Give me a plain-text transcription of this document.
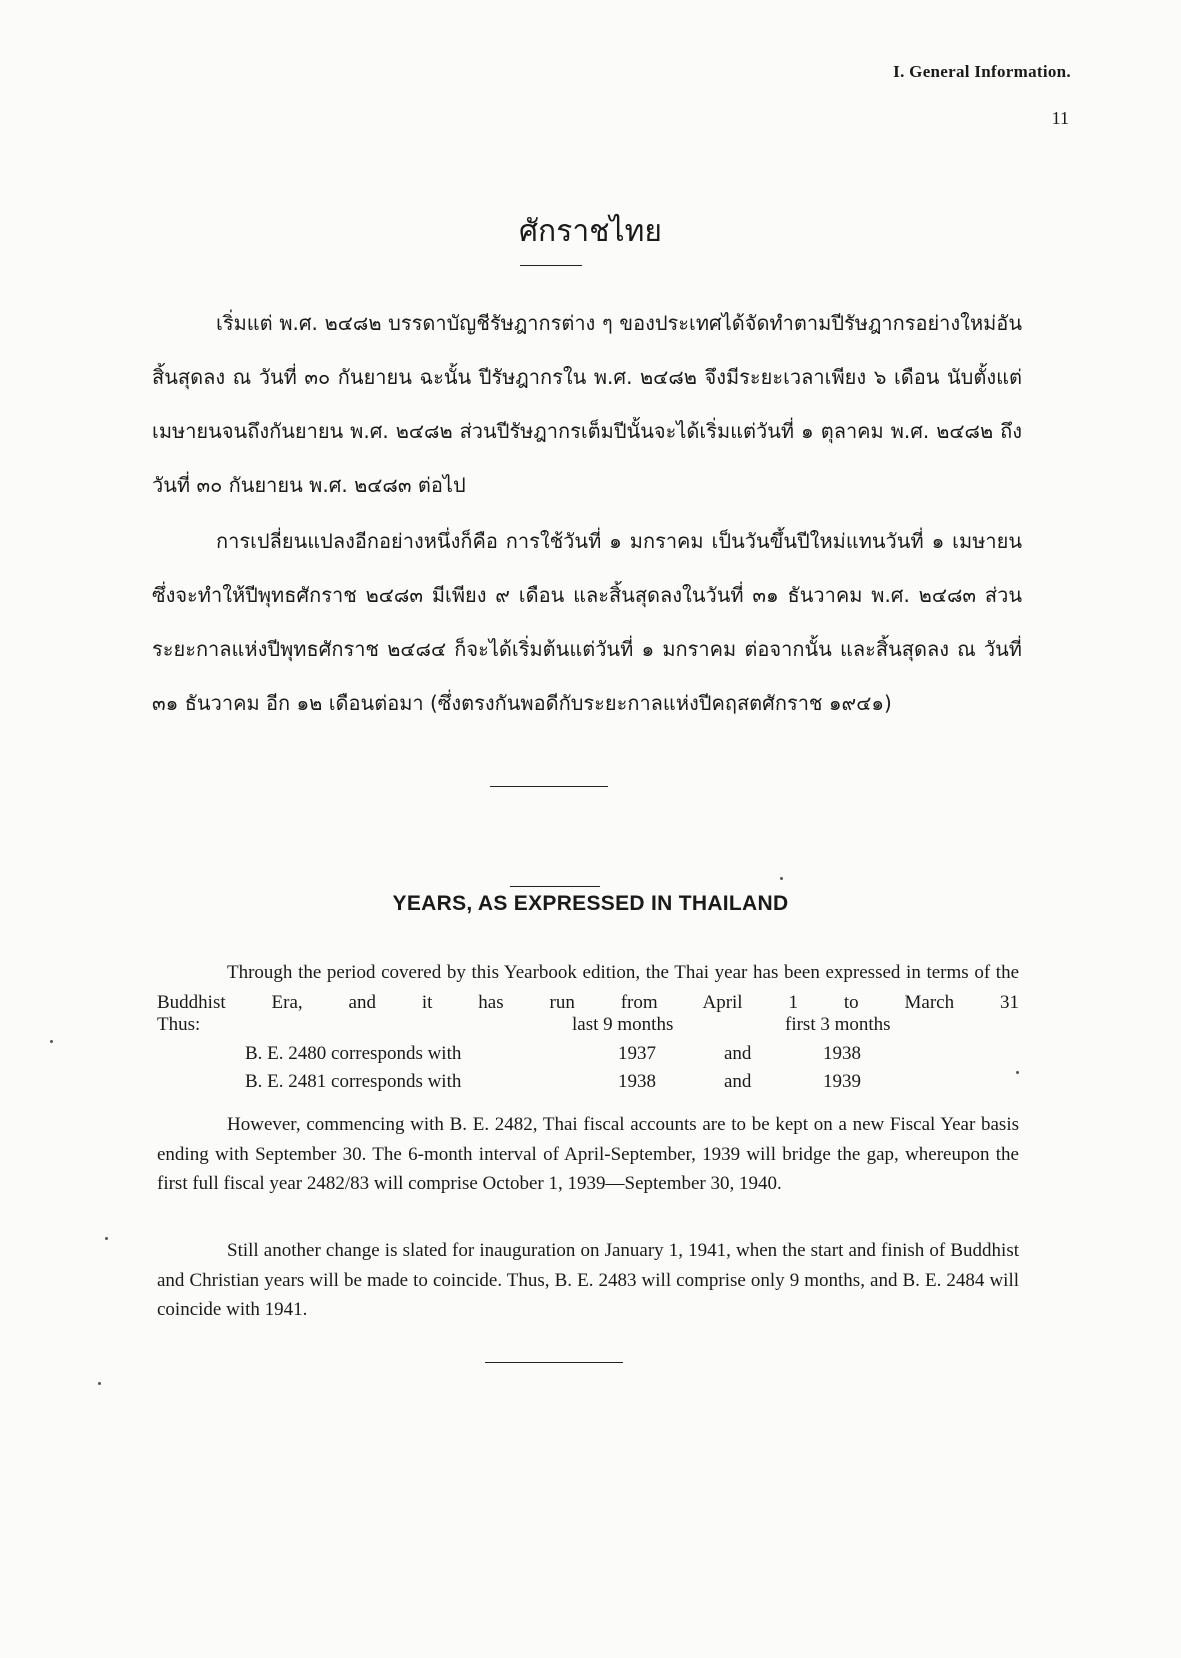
I. General Information.
11
ศักราชไทย

เริ่มแต่ พ.ศ. ๒๔๘๒ บรรดาบัญชีรัษฎากรต่าง ๆ ของประเทศได้จัดทำตามปีรัษฎากรอย่างใหม่อันสิ้นสุดลง ณ วันที่ ๓๐ กันยายน ฉะนั้น ปีรัษฎากรใน พ.ศ. ๒๔๘๒ จึงมีระยะเวลาเพียง ๖ เดือน นับตั้งแต่เมษายนจนถึงกันยายน พ.ศ. ๒๔๘๒ ส่วนปีรัษฎากรเต็มปีนั้นจะได้เริ่มแต่วันที่ ๑ ตุลาคม พ.ศ. ๒๔๘๒ ถึงวันที่ ๓๐ กันยายน พ.ศ. ๒๔๘๓ ต่อไป

การเปลี่ยนแปลงอีกอย่างหนึ่งก็คือ การใช้วันที่ ๑ มกราคม เป็นวันขึ้นปีใหม่แทนวันที่ ๑ เมษายน ซึ่งจะทำให้ปีพุทธศักราช ๒๔๘๓ มีเพียง ๙ เดือน และสิ้นสุดลงในวันที่ ๓๑ ธันวาคม พ.ศ. ๒๔๘๓ ส่วนระยะกาลแห่งปีพุทธศักราช ๒๔๘๔ ก็จะได้เริ่มต้นแต่วันที่ ๑ มกราคม ต่อจากนั้น และสิ้นสุดลง ณ วันที่ ๓๑ ธันวาคม อีก ๑๒ เดือนต่อมา (ซึ่งตรงกันพอดีกับระยะกาลแห่งปีคฤสตศักราช ๑๙๔๑)

YEARS, AS EXPRESSED IN THAILAND

Through the period covered by this Yearbook edition, the Thai year has been expressed in terms of the Buddhist Era, and it has run from April 1 to March 31

Thus:	last 9 months	first 3 months
B. E. 2480 corresponds with	1937	and	1938
B. E. 2481 corresponds with	1938	and	1939

However, commencing with B. E. 2482, Thai fiscal accounts are to be kept on a new Fiscal Year basis ending with September 30. The 6-month interval of April-September, 1939 will bridge the gap, whereupon the first full fiscal year 2482/83 will comprise October 1, 1939—September 30, 1940.

Still another change is slated for inauguration on January 1, 1941, when the start and finish of Buddhist and Christian years will be made to coincide. Thus, B. E. 2483 will comprise only 9 months, and B. E. 2484 will coincide with 1941.
